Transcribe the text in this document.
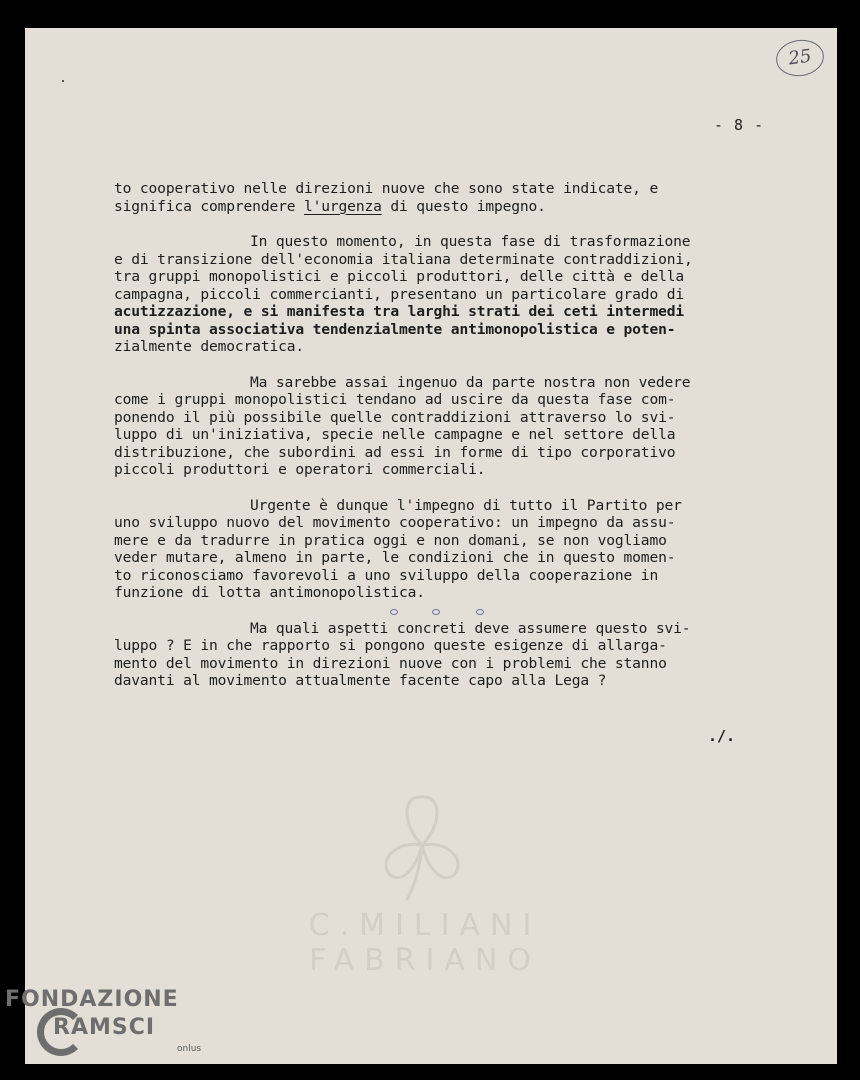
25
- 8 -
to cooperativo nelle direzioni nuove che sono state indicate, e
significa comprendere l'urgenza di questo impegno.
In questo momento, in questa fase di trasformazione
e di transizione dell'economia italiana determinate contraddizioni,
tra gruppi monopolistici e piccoli produttori, delle città e della
campagna, piccoli commercianti, presentano un particolare grado di
acutizzazione, e si manifesta tra larghi strati dei ceti intermedi
una spinta associativa tendenzialmente antimonopolistica e poten-
zialmente democratica.
Ma sarebbe assai ingenuo da parte nostra non vedere
come i gruppi monopolistici tendano ad uscire da questa fase com-
ponendo il più possibile quelle contraddizioni attraverso lo svi-
luppo di un'iniziativa, specie nelle campagne e nel settore della
distribuzione, che subordini ad essi in forme di tipo corporativo
piccoli produttori e operatori commerciali.
Urgente è dunque l'impegno di tutto il Partito per
uno sviluppo nuovo del movimento cooperativo: un impegno da assu-
mere e da tradurre in pratica oggi e non domani, se non vogliamo
veder mutare, almeno in parte, le condizioni che in questo momen-
to riconosciamo favorevoli a uno sviluppo della cooperazione in
funzione di lotta antimonopolistica.
Ma quali aspetti concreti deve assumere questo svi-
luppo ? E in che rapporto si pongono queste esigenze di allarga-
mento del movimento in direzioni nuove con i problemi che stanno
davanti al movimento attualmente facente capo alla Lega ?
./.
C.MILIANI FABRIANO
FONDAZIONE
RAMSCI
onlus
